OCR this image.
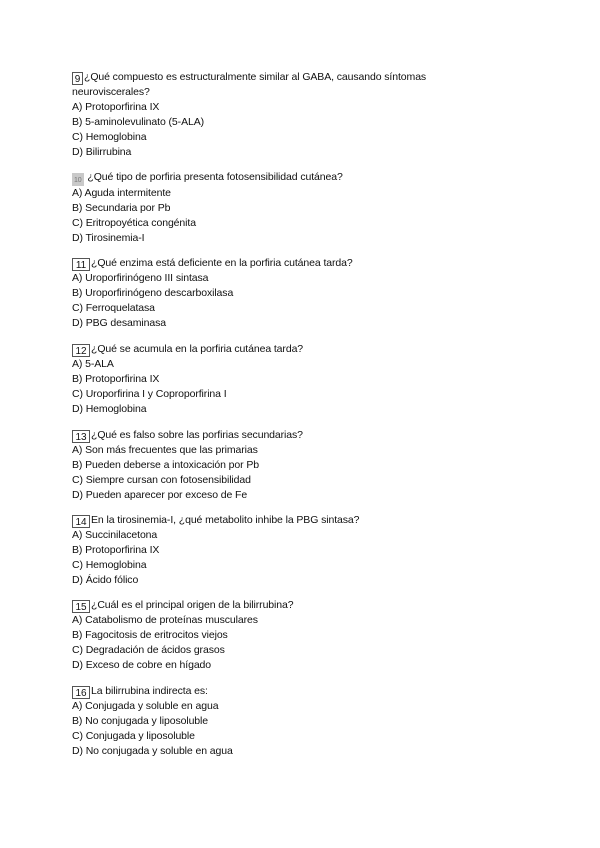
9 ¿Qué compuesto es estructuralmente similar al GABA, causando síntomas
neuroviscerales?
A) Protoporfirina IX
B) 5-aminolevulinato (5-ALA)
C) Hemoglobina
D) Bilirrubina
10 ¿Qué tipo de porfiria presenta fotosensibilidad cutánea?
A) Aguda intermitente
B) Secundaria por Pb
C) Eritropoyética congénita
D) Tirosinemia-I
11 ¿Qué enzima está deficiente en la porfiria cutánea tarda?
A) Uroporfirinógeno III sintasa
B) Uroporfirinógeno descarboxilasa
C) Ferroquelatasa
D) PBG desaminasa
12 ¿Qué se acumula en la porfiria cutánea tarda?
A) 5-ALA
B) Protoporfirina IX
C) Uroporfirina I y Coproporfirina I
D) Hemoglobina
13 ¿Qué es falso sobre las porfirias secundarias?
A) Son más frecuentes que las primarias
B) Pueden deberse a intoxicación por Pb
C) Siempre cursan con fotosensibilidad
D) Pueden aparecer por exceso de Fe
14 En la tirosinemia-I, ¿qué metabolito inhibe la PBG sintasa?
A) Succinilacetona
B) Protoporfirina IX
C) Hemoglobina
D) Ácido fólico
15 ¿Cuál es el principal origen de la bilirrubina?
A) Catabolismo de proteínas musculares
B) Fagocitosis de eritrocitos viejos
C) Degradación de ácidos grasos
D) Exceso de cobre en hígado
16 La bilirrubina indirecta es:
A) Conjugada y soluble en agua
B) No conjugada y liposoluble
C) Conjugada y liposoluble
D) No conjugada y soluble en agua
